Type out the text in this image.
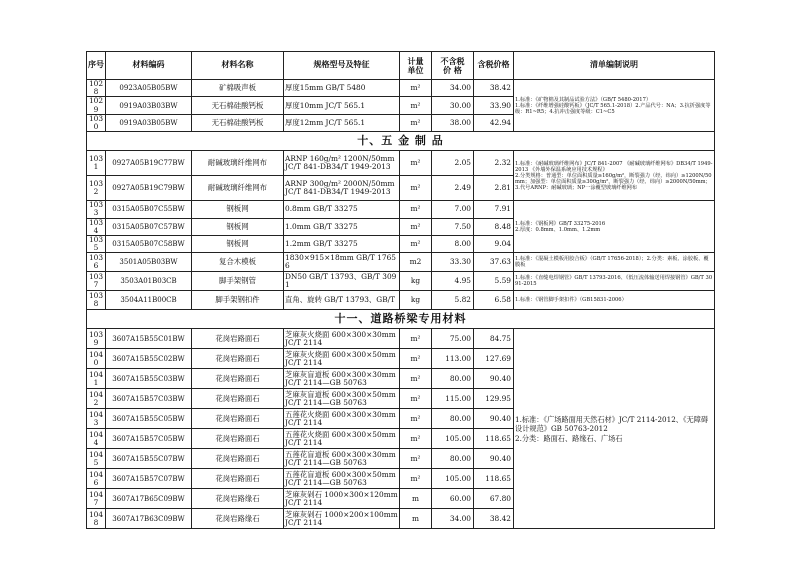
序号	材料编码	材料名称	规格型号及特征	计量
单位	不含税
价 格	含税价格	清单编制说明
1028	0923A05B05BW	矿棉吸声板	厚度15mm GB/T 5480	m²	34.00	38.42	1.标准：《矿物棉及其制品试验方法》（GB/T 5480-2017）
1.标准：《纤维增强硅酸钙板》（JC/T 565.1-2018）2.产品代号：NA；3.抗折强度等级：R1~R5；4.抗冲击强度等级：C1~C5
1029	0919A03B03BW	无石棉硅酸钙板	厚度10mm JC/T 565.1	m²	30.00	33.90	
1030	0919A03B05BW	无石棉硅酸钙板	厚度12mm JC/T 565.1	m²	38.00	42.94	
十、五 金 制 品							
1031	0927A05B19C77BW	耐碱玻璃纤维网布	ARNP 160g/m² 1200N/50mm
JC/T 841-DB34/T 1949-2013	m²	2.05	2.32	1.标准：《耐碱玻璃纤维网布》JC/T 841-2007 《耐碱玻璃纤维网布》DB34/T 1949-2013 《外墙外保温系统应用技术规程》
2.分类规格：普通型：单位面积质量≥160g/m²，断裂强力（经、纬向）≥1200N/50mm；加强型：单位面积质量≥300g/m²，断裂强力（经、纬向）≥2000N/50mm；3.代号ARNP：耐碱玻璃；NP一涂覆型玻璃纤维网布
1032	0927A05B19C79BW	耐碱玻璃纤维网布	ARNP 300g/m² 2000N/50mm
JC/T 841-DB34/T 1949-2013	m²	2.49	2.81	
1033	0315A05B07C55BW	钢板网	0.8mm GB/T 33275	m²	7.00	7.91	1.标准：《钢板网》GB/T 33275-2016
2.厚度：0.8mm、1.0mm、1.2mm
1034	0315A05B07C57BW	钢板网	1.0mm GB/T 33275	m²	7.50	8.48	
1035	0315A05B07C58BW	钢板网	1.2mm GB/T 33275	m²	8.00	9.04	
1036	3501A05B03BW	复合木模板	1830×915×18mm GB/T 17656	m2	33.30	37.63	1.标准：《混凝土模板用胶合板》（GB/T 17656-2018）；2.分类：素板、涂胶板、覆膜板
1037	3503A01B03CB	脚手架钢管	DN50 GB/T 13793、GB/T 3091	kg	4.95	5.59	1.标准：《直缝电焊钢管》GB/T 13793-2016、《低压流体输送用焊接钢管》GB/T 3091-2015
1038	3504A11B00CB	脚手架钢扣件	直角、旋转 GB/T 13793、GB/T	kg	5.82	6.58	1.标准：《钢管脚手架扣件》（GB15831-2006）
十一、道路桥梁专用材料							
1039	3607A15B55C01BW	花岗岩路面石	芝麻灰火烧面 600×300×30mm JC/T 2114	m²	75.00	84.75	1.标准：《广场路面用天然石材》JC/T 2114-2012、《无障碍设计规范》GB 50763-2012
2.分类：路面石、路缘石、广场石
1040	3607A15B55C02BW	花岗岩路面石	芝麻灰火烧面 600×300×50mm JC/T 2114	m²	113.00	127.69	
1041	3607A15B55C03BW	花岗岩路面石	芝麻灰盲道板 600×300×30mm JC/T 2114—GB 50763	m²	80.00	90.40	
1042	3607A15B57C03BW	花岗岩路面石	芝麻灰盲道板 600×300×50mm JC/T 2114—GB 50763	m²	115.00	129.95	
1043	3607A15B55C05BW	花岗岩路面石	五莲花火烧面 600×300×30mm JC/T 2114	m²	80.00	90.40	
1044	3607A15B57C05BW	花岗岩路面石	五莲花火烧面 600×300×50mm JC/T 2114	m²	105.00	118.65	
1045	3607A15B55C07BW	花岗岩路面石	五莲花盲道板 600×300×30mm JC/T 2114—GB 50763	m²	80.00	90.40	
1046	3607A15B57C07BW	花岗岩路面石	五莲花盲道板 600×300×50mm JC/T 2114—GB 50763	m²	105.00	118.65	
1047	3607A17B65C09BW	花岗岩路缘石	芝麻灰剁石 1000×300×120mm JC/T 2114	m	60.00	67.80	
1048	3607A17B63C09BW	花岗岩路缘石	芝麻灰剁石 1000×200×100mm JC/T 2114	m	34.00	38.42	
